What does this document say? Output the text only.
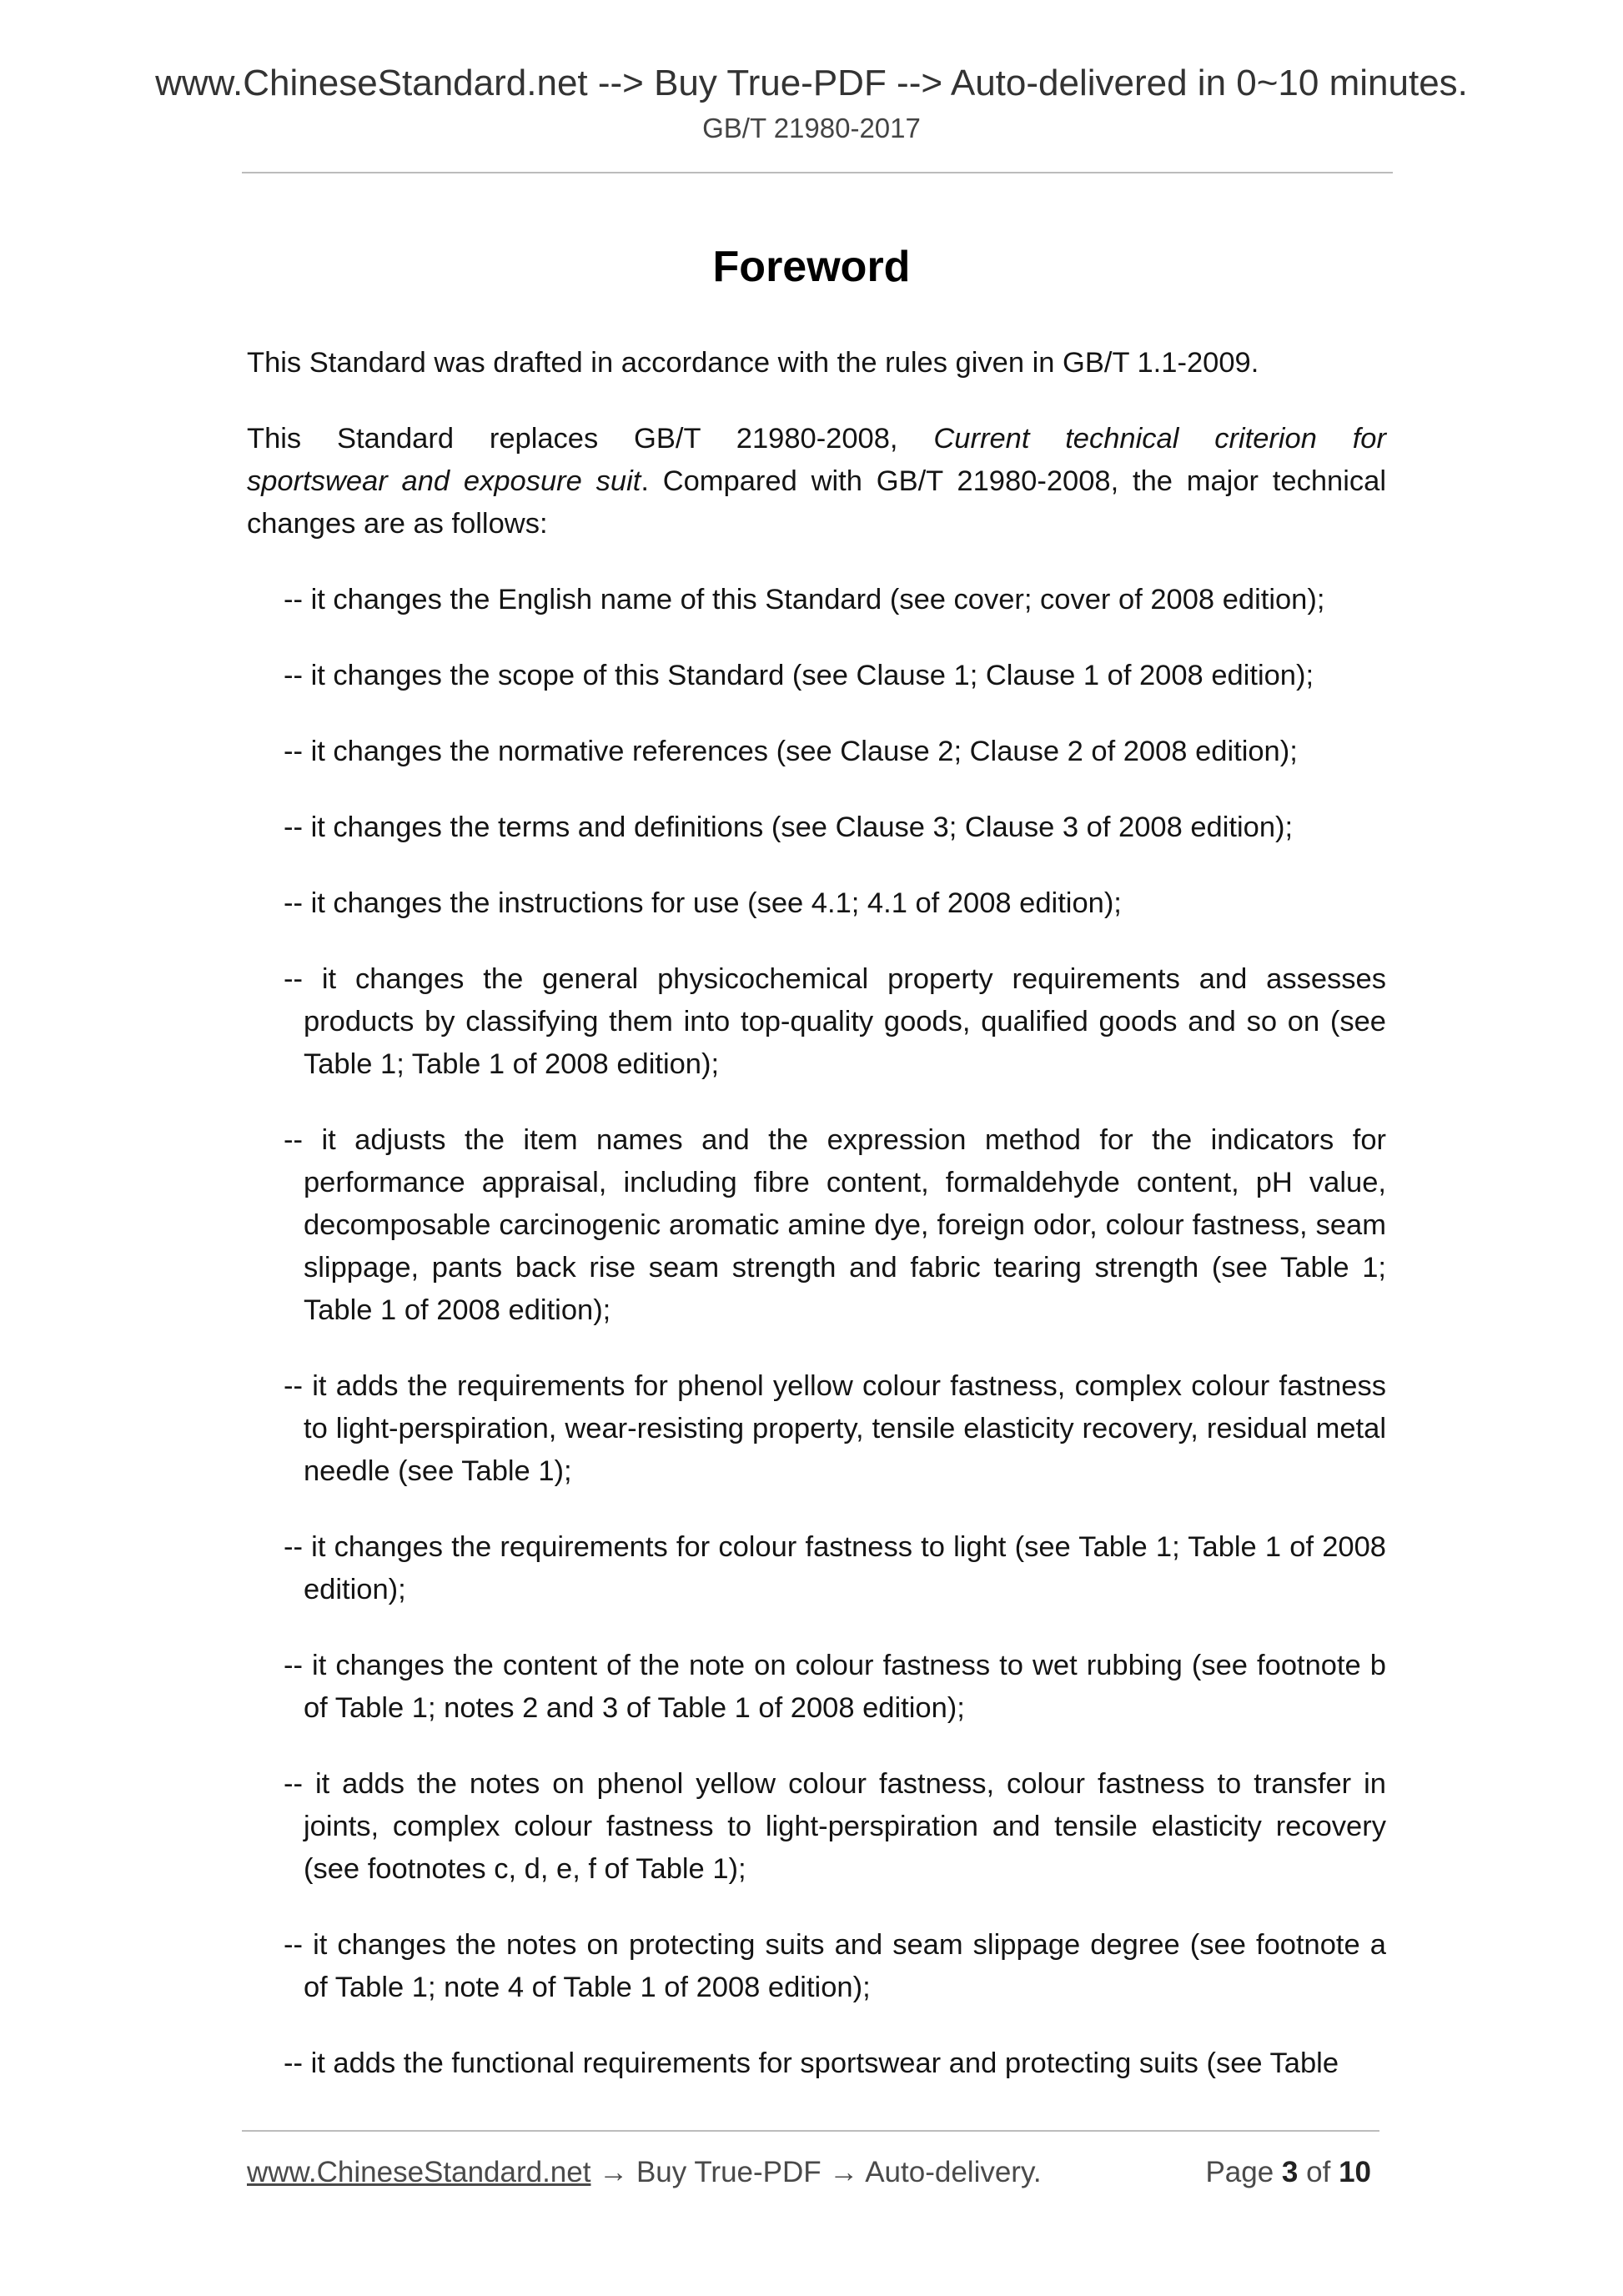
www.ChineseStandard.net --> Buy True-PDF --> Auto-delivered in 0~10 minutes.
GB/T 21980-2017
Foreword

This Standard was drafted in accordance with the rules given in GB/T 1.1-2009.

This Standard replaces GB/T 21980-2008, Current technical criterion for
sportswear and exposure suit. Compared with GB/T 21980-2008, the major technical changes are as follows:

-- it changes the English name of this Standard (see cover; cover of 2008 edition);

-- it changes the scope of this Standard (see Clause 1; Clause 1 of 2008 edition);

-- it changes the normative references (see Clause 2; Clause 2 of 2008 edition);

-- it changes the terms and definitions (see Clause 3; Clause 3 of 2008 edition);

-- it changes the instructions for use (see 4.1; 4.1 of 2008 edition);

-- it changes the general physicochemical property requirements and assesses products by classifying them into top-quality goods, qualified goods and so on (see Table 1; Table 1 of 2008 edition);

-- it adjusts the item names and the expression method for the indicators for performance appraisal, including fibre content, formaldehyde content, pH value, decomposable carcinogenic aromatic amine dye, foreign odor, colour fastness, seam slippage, pants back rise seam strength and fabric tearing strength (see Table 1; Table 1 of 2008 edition);

-- it adds the requirements for phenol yellow colour fastness, complex colour fastness to light-perspiration, wear-resisting property, tensile elasticity recovery, residual metal needle (see Table 1);

-- it changes the requirements for colour fastness to light (see Table 1; Table 1 of 2008 edition);

-- it changes the content of the note on colour fastness to wet rubbing (see footnote b of Table 1; notes 2 and 3 of Table 1 of 2008 edition);

-- it adds the notes on phenol yellow colour fastness, colour fastness to transfer in joints, complex colour fastness to light-perspiration and tensile elasticity recovery (see footnotes c, d, e, f of Table 1);

-- it changes the notes on protecting suits and seam slippage degree (see footnote a of Table 1; note 4 of Table 1 of 2008 edition);

-- it adds the functional requirements for sportswear and protecting suits (see Table

www.ChineseStandard.net → Buy True-PDF → Auto-delivery.	Page 3 of 10
